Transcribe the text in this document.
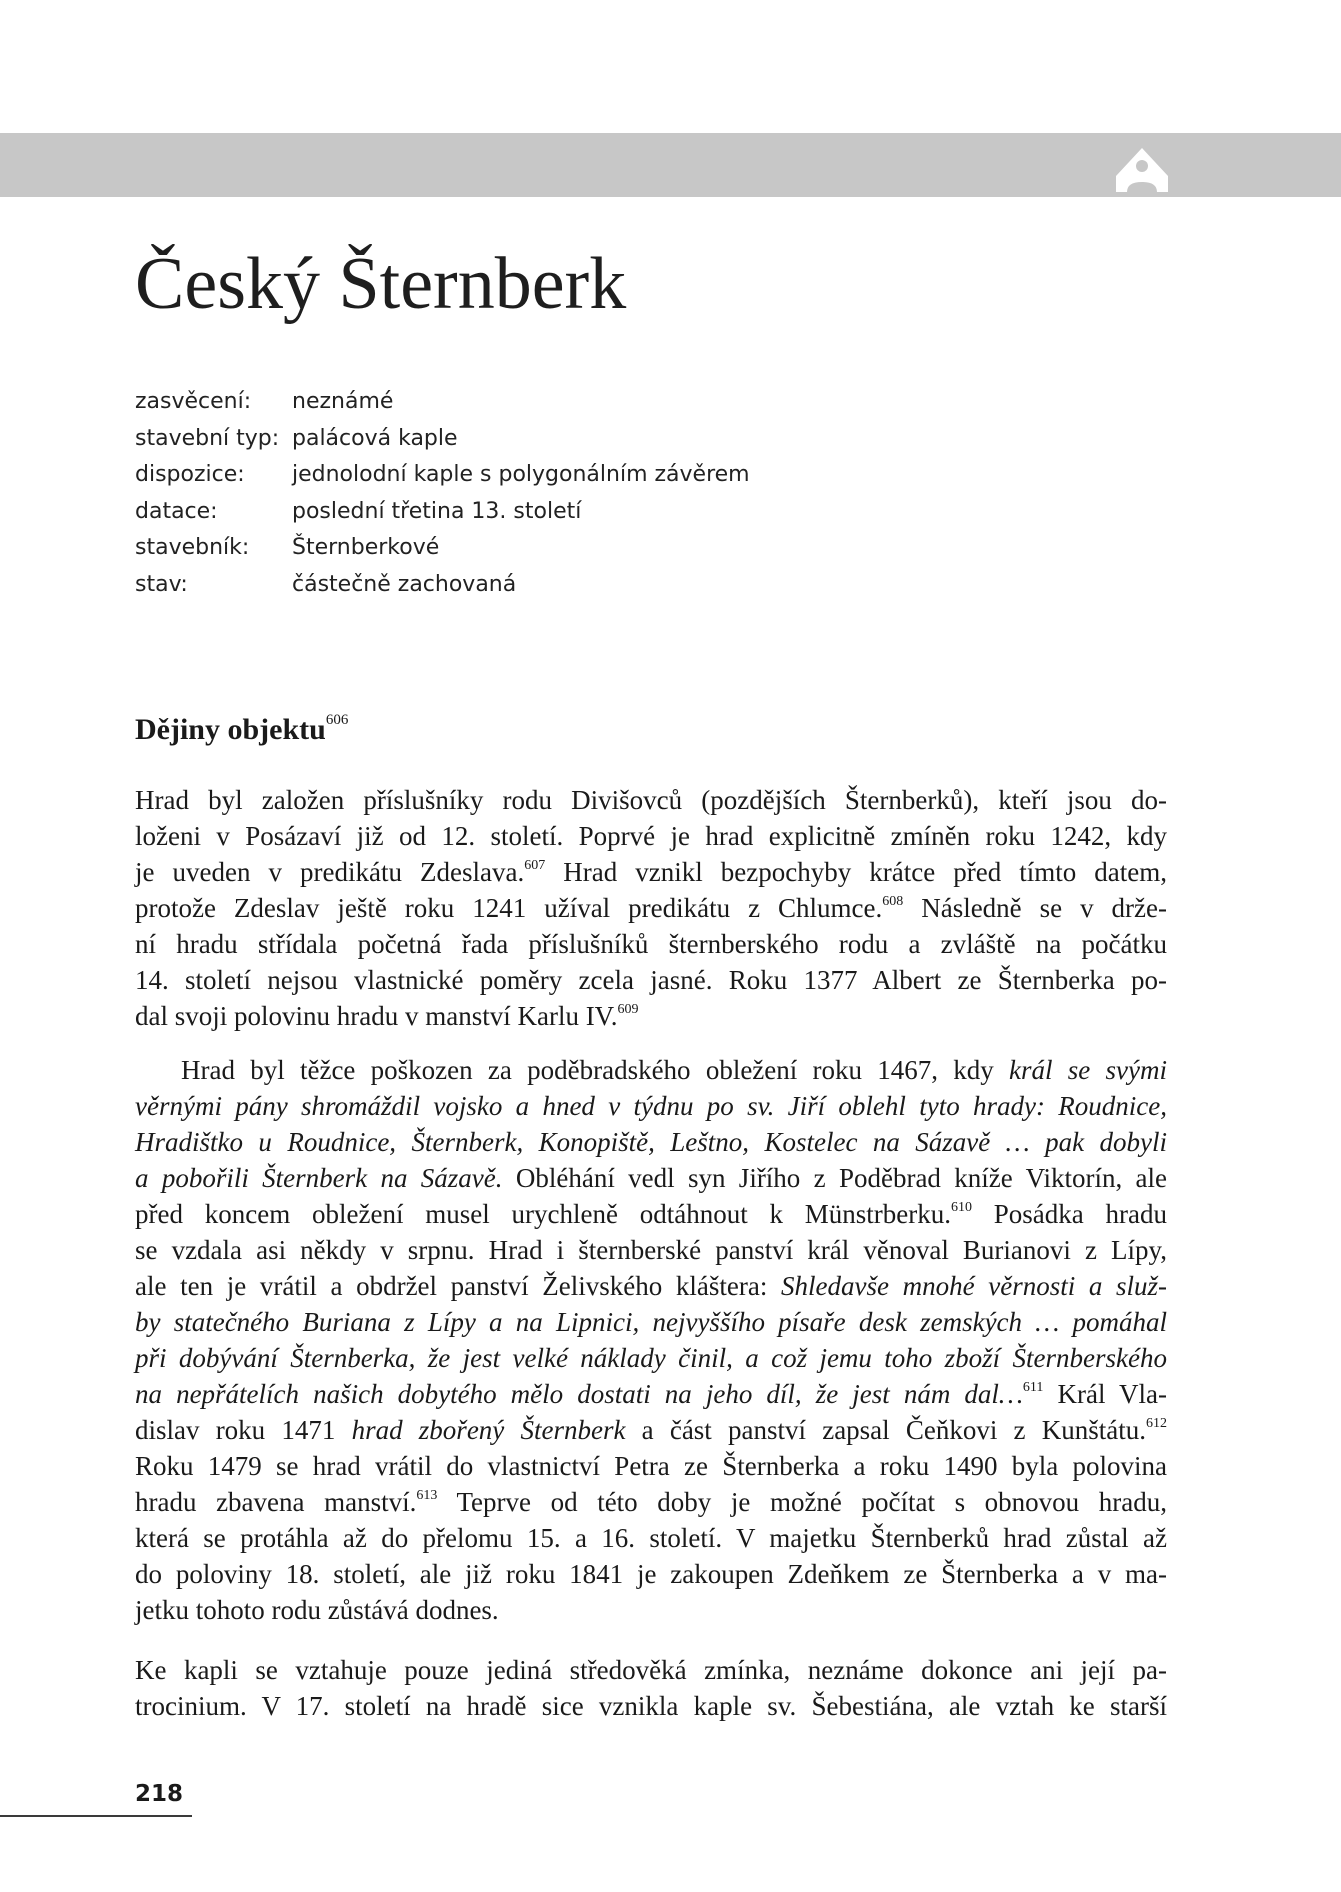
Český Šternberk
zasvěcení: neznámé
stavební typ: palácová kaple
dispozice: jednolodní kaple s polygonálním závěrem
datace:	poslední třetina 13. století
stavebník: Šternberkové
stav:	částečně zachovaná
Dějiny objektu$^{606}$
Hrad byl založen příslušníky rodu Divišovců (pozdějších Šternberků), kteří jsou do-
loženi v Posázaví již od 12. století. Poprvé je hrad explicitně zmíněn roku 1242, kdy
je uveden v predikátu Zdeslava.$^{607}$ Hrad vznikl bezpochyby krátce před tímto datem,
protože Zdeslav ještě roku 1241 užíval predikátu z Chlumce.$^{608}$ Následně se v drže-
ní hradu střídala početná řada příslušníků šternberského rodu a zvláště na počátku
14. století nejsou vlastnické poměry zcela jasné. Roku 1377 Albert ze Šternberka po-
dal svoji polovinu hradu v manství Karlu IV.$^{609}$
Hrad byl těžce poškozen za poděbradského obležení roku 1467, kdy král se svými
věrnými pány shromáždil vojsko a hned v týdnu po sv. Jiří oblehl tyto hrady: Roudnice,
Hradištko u Roudnice, Šternberk, Konopiště, Leštno, Kostelec na Sázavě … pak dobyli
a pobořili Šternberk na Sázavě. Obléhání vedl syn Jiřího z Poděbrad kníže Viktorín, ale
před koncem obležení musel urychleně odtáhnout k Münstrberku.$^{610}$ Posádka hradu
se vzdala asi někdy v srpnu. Hrad i šternberské panství král věnoval Burianovi z Lípy,
ale ten je vrátil a obdržel panství Želivského kláštera: Shledavše mnohé věrnosti a služ-
by statečného Buriana z Lípy a na Lipnici, nejvyššího písaře desk zemských … pomáhal
při dobývání Šternberka, že jest velké náklady činil, a což jemu toho zboží Šternberského
na nepřátelích našich dobytého mělo dostati na jeho díl, že jest nám dal…$^{611}$ Král Vla-
dislav roku 1471 hrad zbořený Šternberk a část panství zapsal Čeňkovi z Kunštátu.$^{612}$
Roku 1479 se hrad vrátil do vlastnictví Petra ze Šternberka a roku 1490 byla polovina
hradu zbavena manství.$^{613}$ Teprve od této doby je možné počítat s obnovou hradu,
která se protáhla až do přelomu 15. a 16. století. V majetku Šternberků hrad zůstal až
do poloviny 18. století, ale již roku 1841 je zakoupen Zdeňkem ze Šternberka a v ma-
jetku tohoto rodu zůstává dodnes.
Ke kapli se vztahuje pouze jediná středověká zmínka, neznáme dokonce ani její pa-
trocinium. V 17. století na hradě sice vznikla kaple sv. Šebestiána, ale vztah ke starší
218
